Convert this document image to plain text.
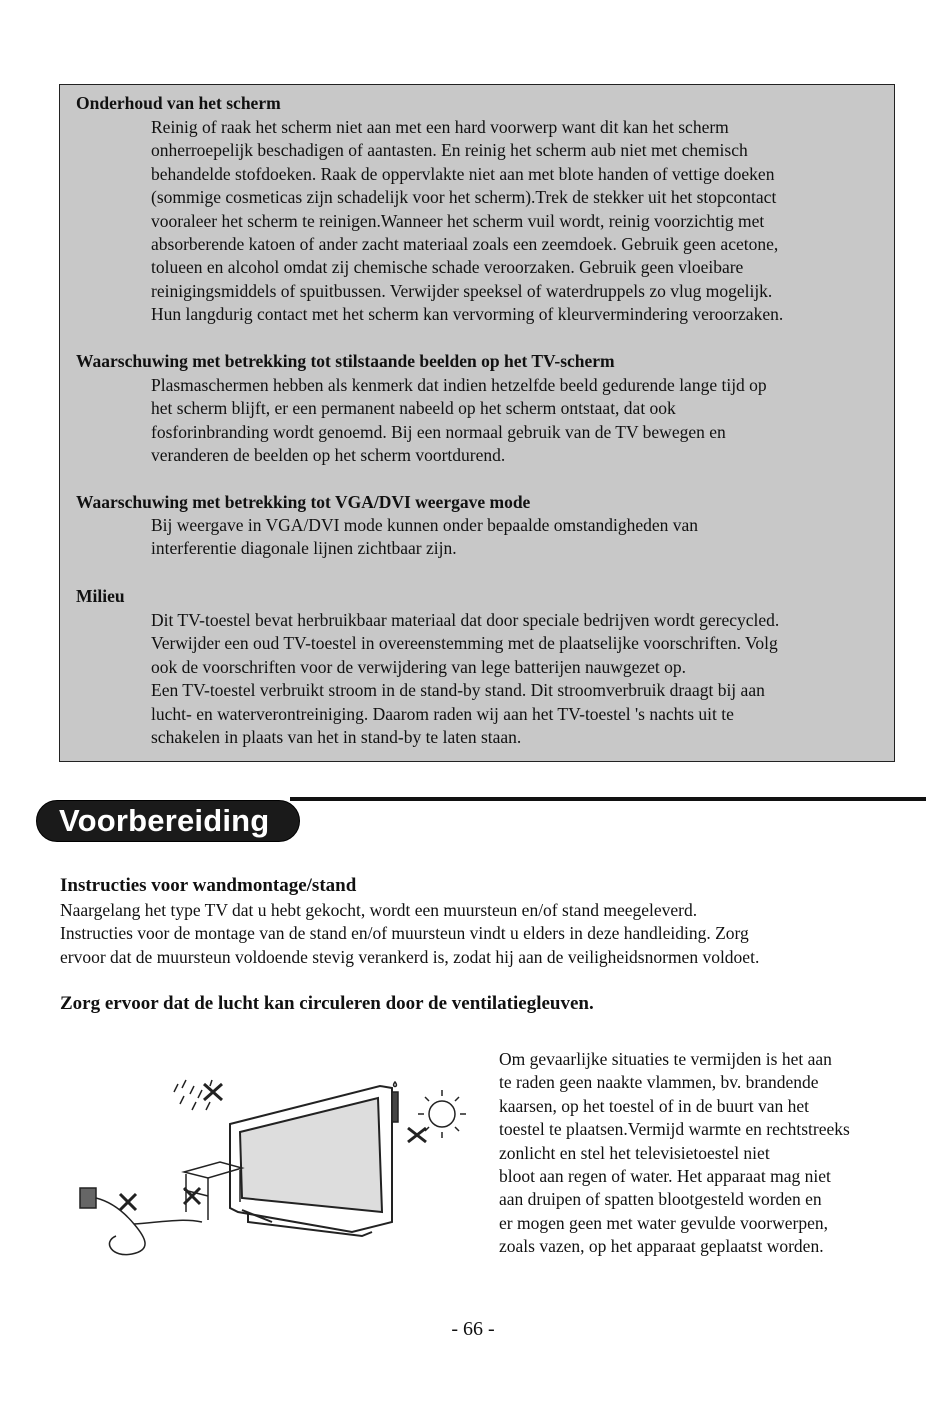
Onderhoud van het scherm
Reinig of raak het scherm niet aan met een hard voorwerp want dit kan het scherm
onherroepelijk beschadigen of aantasten. En reinig het scherm aub niet met chemisch
behandelde stofdoeken. Raak de oppervlakte niet aan met blote handen of vettige doeken
(sommige cosmeticas zijn schadelijk voor het scherm).Trek de stekker uit het stopcontact
vooraleer het scherm te reinigen.Wanneer het scherm vuil wordt, reinig voorzichtig met
absorberende katoen of ander zacht materiaal zoals een zeemdoek. Gebruik geen acetone,
tolueen en alcohol omdat zij chemische schade veroorzaken. Gebruik geen vloeibare
reinigingsmiddels of spuitbussen. Verwijder speeksel of waterdruppels zo vlug mogelijk.
Hun langdurig contact met het scherm kan vervorming of kleurvermindering veroorzaken.
Waarschuwing met betrekking tot stilstaande beelden op het TV-scherm
Plasmaschermen hebben als kenmerk dat indien hetzelfde beeld gedurende lange tijd op
het scherm blijft, er een permanent nabeeld op het scherm ontstaat, dat ook
fosforinbranding wordt genoemd. Bij een normaal gebruik van de TV bewegen en
veranderen de beelden op het scherm voortdurend.
Waarschuwing met betrekking tot VGA/DVI weergave mode
Bij weergave in VGA/DVI mode kunnen onder bepaalde omstandigheden van
interferentie diagonale lijnen zichtbaar zijn.
Milieu
Dit TV-toestel bevat herbruikbaar materiaal dat door speciale bedrijven wordt gerecycled.
Verwijder een oud TV-toestel in overeenstemming met de plaatselijke voorschriften. Volg
ook de voorschriften voor de verwijdering van lege batterijen nauwgezet op.
Een TV-toestel verbruikt stroom in de stand-by stand. Dit stroomverbruik draagt bij aan
lucht- en waterverontreiniging. Daarom raden wij aan het TV-toestel 's nachts uit te
schakelen in plaats van het in stand-by te laten staan.
Voorbereiding
Instructies voor wandmontage/stand
Naargelang het type TV dat u hebt gekocht, wordt een muursteun en/of stand meegeleverd.
Instructies voor de montage van de stand en/of muursteun vindt u elders in deze handleiding. Zorg
ervoor dat de muursteun voldoende stevig verankerd is, zodat hij aan de veiligheidsnormen voldoet.
Zorg ervoor dat de lucht kan circuleren door de ventilatiegleuven.
Om gevaarlijke situaties te vermijden is het aan
te raden geen naakte vlammen, bv. brandende
kaarsen, op het toestel of in de buurt van het
toestel te plaatsen.Vermijd warmte en rechtstreeks
zonlicht en stel het televisietoestel niet
bloot aan regen of water. Het apparaat mag niet
aan druipen of spatten blootgesteld worden en
er mogen geen met water gevulde voorwerpen,
zoals vazen, op het apparaat geplaatst worden.
- 66 -
